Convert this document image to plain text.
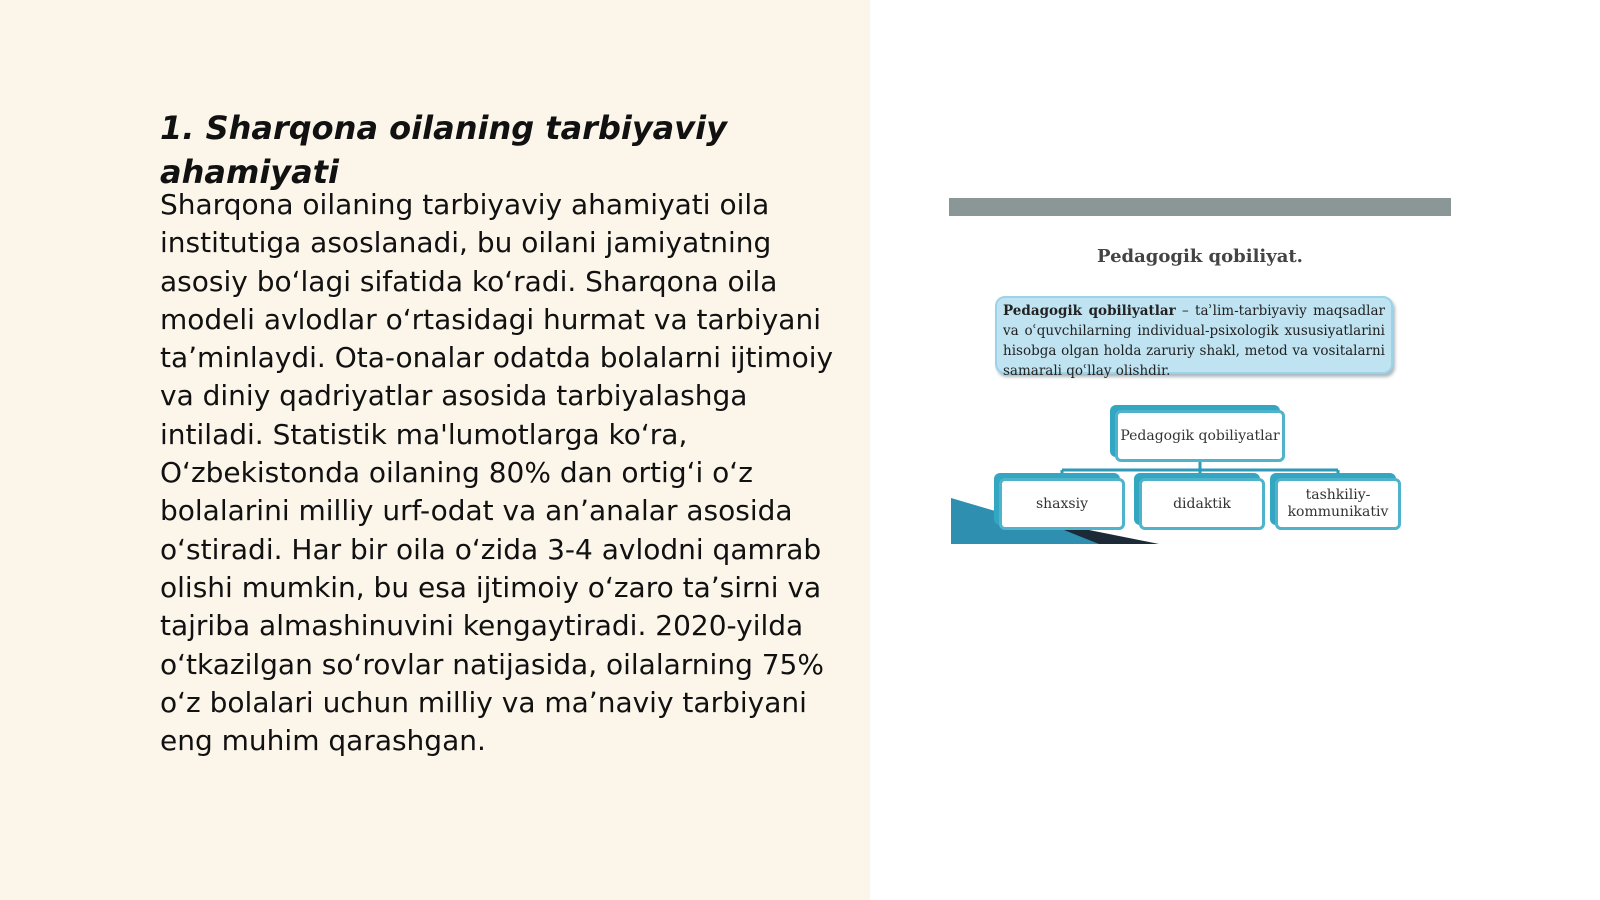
1. Sharqona oilaning tarbiyaviy ahamiyati

Sharqona oilaning tarbiyaviy ahamiyati oila institutiga asoslanadi, bu oilani jamiyatning asosiy boʻlagi sifatida koʻradi. Sharqona oila modeli avlodlar oʻrtasidagi hurmat va tarbiyani taʼminlaydi. Ota-onalar odatda bolalarni ijtimoiy va diniy qadriyatlar asosida tarbiyalashga intiladi. Statistik ma'lumotlarga koʻra, Oʻzbekistonda oilaning 80% dan ortigʻi oʻz bolalarini milliy urf-odat va anʼanalar asosida oʻstiradi. Har bir oila oʻzida 3-4 avlodni qamrab olishi mumkin, bu esa ijtimoiy oʻzaro taʼsirni va tajriba almashinuvini kengaytiradi. 2020-yilda oʻtkazilgan soʻrovlar natijasida, oilalarning 75% oʻz bolalari uchun milliy va maʼnaviy tarbiyani eng muhim qarashgan.

Pedagogik qobiliyat.
Pedagogik qobiliyatlar – taʾlim-tarbiyaviy maqsadlar va oʿquvchilarning individual-psixologik xususiyatlarini hisobga olgan holda zaruriy shakl, metod va vositalarni samarali qoʿllay olishdir.
Pedagogik qobiliyatlar
shaxsiy	didaktik
tashkiliy-kommunikativ
